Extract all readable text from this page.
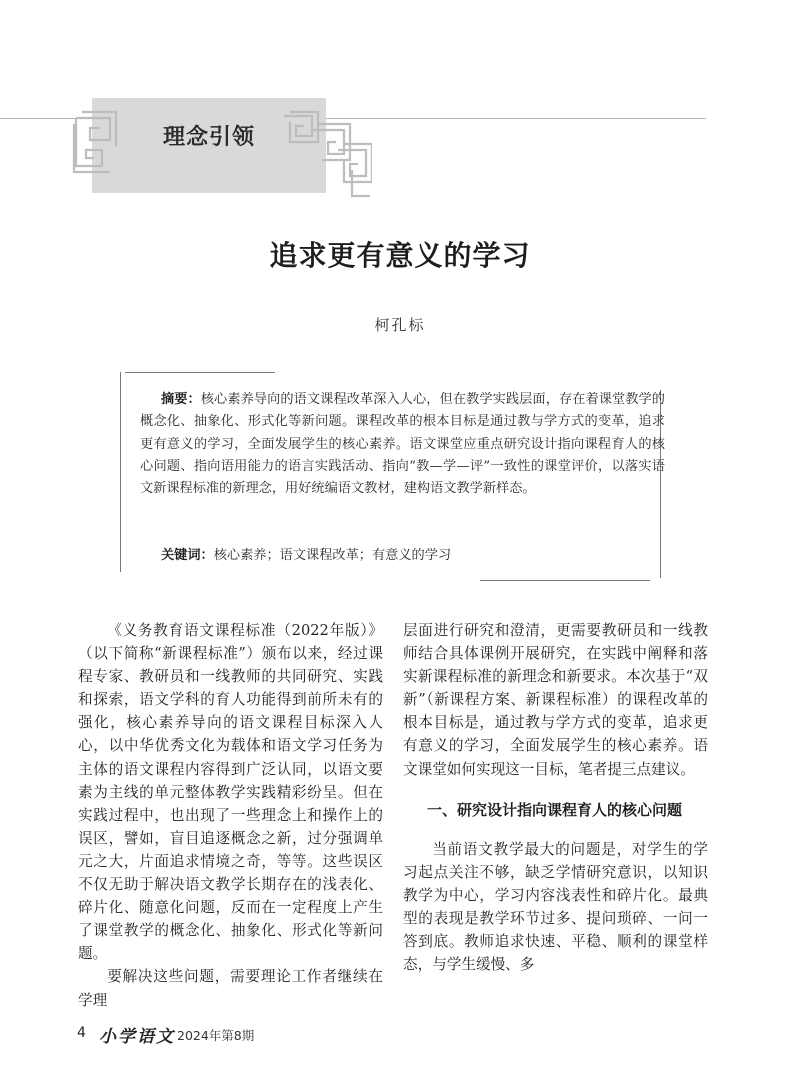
理念引领
追求更有意义的学习
柯孔标
摘要：核心素养导向的语文课程改革深入人心，但在教学实践层面，存在着课堂教学的概念化、抽象化、形式化等新问题。课程改革的根本目标是通过教与学方式的变革，追求更有意义的学习，全面发展学生的核心素养。语文课堂应重点研究设计指向课程育人的核心问题、指向语用能力的语言实践活动、指向“教—学—评”一致性的课堂评价，以落实语文新课程标准的新理念，用好统编语文教材，建构语文教学新样态。
关键词：核心素养；语文课程改革；有意义的学习

《义务教育语文课程标准（2022年版）》（以下简称“新课程标准”）颁布以来，经过课程专家、教研员和一线教师的共同研究、实践和探索，语文学科的育人功能得到前所未有的强化，核心素养导向的语文课程目标深入人心，以中华优秀文化为载体和语文学习任务为主体的语文课程内容得到广泛认同，以语文要素为主线的单元整体教学实践精彩纷呈。但在实践过程中，也出现了一些理念上和操作上的误区，譬如，盲目追逐概念之新，过分强调单元之大，片面追求情境之奇，等等。这些误区不仅无助于解决语文教学长期存在的浅表化、碎片化、随意化问题，反而在一定程度上产生了课堂教学的概念化、抽象化、形式化等新问题。

要解决这些问题，需要理论工作者继续在学理

层面进行研究和澄清，更需要教研员和一线教师结合具体课例开展研究，在实践中阐释和落实新课程标准的新理念和新要求。本次基于“双新”（新课程方案、新课程标准）的课程改革的根本目标是，通过教与学方式的变革，追求更有意义的学习，全面发展学生的核心素养。语文课堂如何实现这一目标，笔者提三点建议。

一、研究设计指向课程育人的核心问题

当前语文教学最大的问题是，对学生的学习起点关注不够，缺乏学情研究意识，以知识教学为中心，学习内容浅表性和碎片化。最典型的表现是教学环节过多、提问琐碎、一问一答到底。教师追求快速、平稳、顺利的课堂样态，与学生缓慢、多

4 小学语文 2024年第8期
